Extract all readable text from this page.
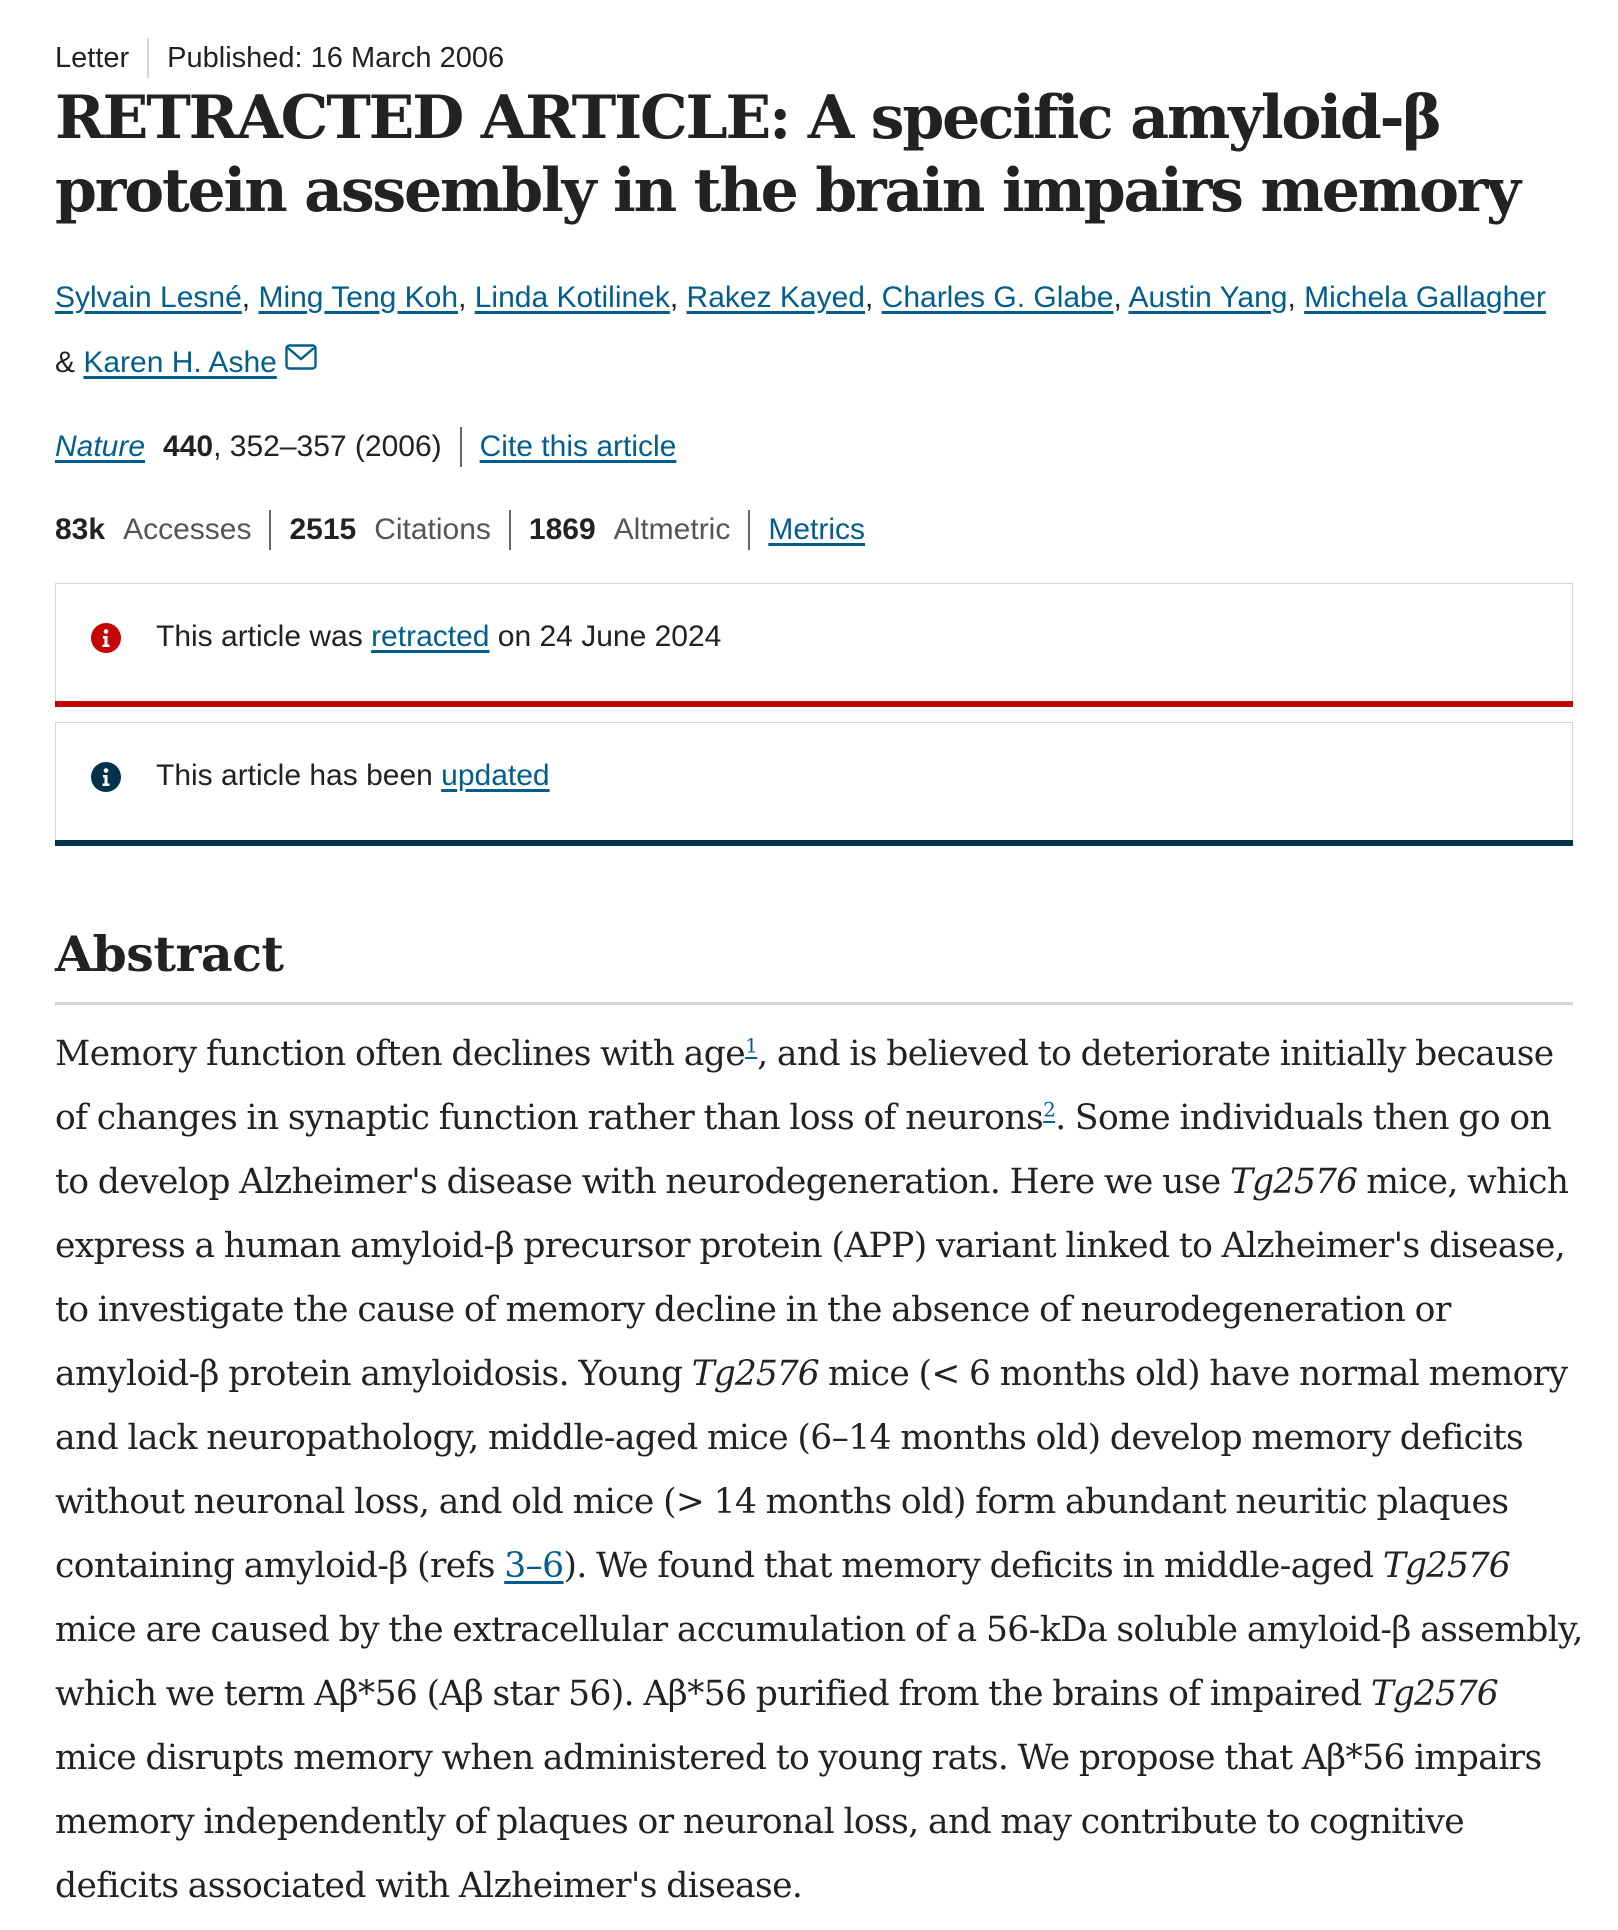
Letter Published: 16 March 2006
RETRACTED ARTICLE: A specific amyloid-β protein assembly in the brain impairs memory
Sylvain Lesné, Ming Teng Koh, Linda Kotilinek, Rakez Kayed, Charles G. Glabe, Austin Yang, Michela Gallagher & Karen H. Ashe
Nature 440 , 352–357 (2006) Cite this article
83k Accesses 2515 Citations 1869 Altmetric Metrics
This article was retracted on 24 June 2024
This article has been updated
Abstract

Memory function often declines with age$^1$, and is believed to deteriorate initially because of changes in synaptic function rather than loss of neurons$^2$. Some individuals then go on to develop Alzheimer's disease with neurodegeneration. Here we use Tg2576 mice, which express a human amyloid-β precursor protein (APP) variant linked to Alzheimer's disease, to investigate the cause of memory decline in the absence of neurodegeneration or amyloid-β protein amyloidosis. Young Tg2576 mice (< 6 months old) have normal memory and lack neuropathology, middle-aged mice (6–14 months old) develop memory deficits without neuronal loss, and old mice (> 14 months old) form abundant neuritic plaques containing amyloid-β (refs 3–6). We found that memory deficits in middle-aged Tg2576 mice are caused by the extracellular accumulation of a 56-kDa soluble amyloid-β assembly, which we term Aβ*56 (Aβ star 56). Aβ*56 purified from the brains of impaired Tg2576 mice disrupts memory when administered to young rats. We propose that Aβ*56 impairs memory independently of plaques or neuronal loss, and may contribute to cognitive deficits associated with Alzheimer's disease.
